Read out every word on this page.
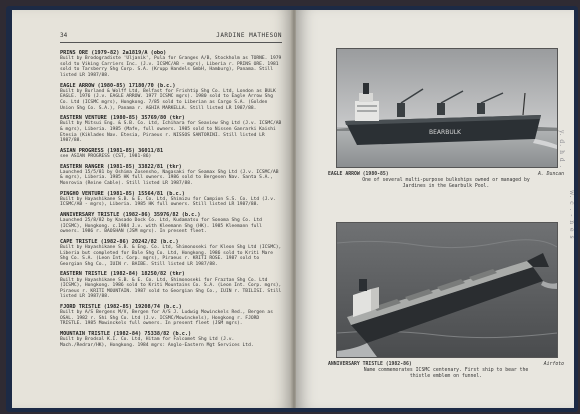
34	JARDINE MATHESON
PRINS ORE (1979-82) 2a1819/A (obo)

Built by Brodogradiste 'Uljanik', Pula for Granges A/B, Stockholm as TORNE. 1979 sold to Viking Carriers Inc. (J.v. ICSMC/AB - mgrs), Liberia r. PRINS ORE. 1981 sold to Tarsberry Shg Corp. S.A. (Krupp Handels GmbH, Hamburg), Panama. Still listed LR 1987/88.

EAGLE ARROW (1980-85) 17180/70 (b.c.)

Built by Burland & Wolff Ltd, Belfast for Frishtip Shg Co. Ltd, London as BULK EAGLE. 1976 (J.v. EAGLE ARROW. 1977 ICSMC mgrs). 1980 sold to Eagle Arrow Shg Co. Ltd (ICSMC mgrs), Hongkong. 7/85 sold to Liberian as Cargo S.A. (Golden Union Shg Co. S.A.), Panama r. AGHIA MARKELLA. Still listed LR 1987/88.

EASTERN VENTURE (1980-85) 35769/80 (tkr)

Built by Mitsui Eng. & S.B. Co. Ltd, Ichihara for Seaview Shg Ltd (J.v. ICSMC/AB & mgrs), Liberia. 1985 (Mafe, full owners. 1985 sold to Nissen Ganrarki Kaishi Etesia (Kiklades Nav. Etesia, Piraeus r. NISSOS SANTORINI. Still listed LR 1987/88.

ASIAN PROGRESS (1981-85) 36011/81

see ASIAN PROGRESS (CST, 1981-86)

EASTERN RANGER (1981-85) 33822/81 (tkr)

Launched 15/5/81 by Oshima Zosensho, Nagasaki for Seamax Shg Ltd (J.v. ICSMC/AB & mgrs), Liberia. 1985 HK full owners. 1986 sold to Bergesen Nav. Santa S.A., Monrovia (Reine Cable). Still listed LR 1987/88.

PINGHO VENTURE (1981-85) 15564/81 (b.c.)

Built by Hayashikane S.B. & E. Co. Ltd, Shimizu for Campion S.S. Co. Ltd (J.v. ICSMC/AB - mgrs), Liberia. 1985 HK full owners. Still listed LR 1987/88.

ANNIVERSARY TRISTLE (1982-86) 35976/82 (b.c.)

Launched 25/8/82 by Kasado Dock Co. Ltd, Kudamatsu for Sonoma Shg Co. Ltd (ICSMC), Hongkong. c.1984 J.v. with Kleemann Shg (HK). 1985 Kleemann full owners. 1986 r. BAOSHAN (JSM mgrs). In present fleet.

CAPE TRISTLE (1982-86) 20242/82 (b.c.)

Built by Hayashikane S.B. & Eng. Co. Ltd, Shimonoseki for Kleon Shg Ltd (ICSMC), Liberia but completed for Bale Shg Co. Ltd, Hongkong. 1986 sold to Kriti Mare Shg Co. S.A. (Leon Int. Corp. mgrs), Piraeus r. KRITI ROSE. 1987 sold to Georgian Shg Co., IUIN r. BAIBE. Still listed LR 1987/88.

EASTERN TRISTLE (1982-84) 18250/82 (tkr)

Built by Hayashikane S.B. & E. Co. Ltd, Shimonoseki for Fraztan Shg Co. Ltd (ICSMC), Hongkong. 1986 sold to Kriti Mountains Co. S.A. (Leon Int. Corp. mgrs), Piraeus r. KRITI MOUNTAIN. 1987 sold to Georgian Shg Co., IUIN r. TBILISI. Still listed LR 1987/88.

FJORD TRISTLE (1982-85) 19208/74 (b.c.)

Built by A/S Bergens M/V, Bergen for A/S J. Ludwig Mowinckels Red., Bergen as OSAL. 1982 r. Shi Shg Co. Ltd (J.v. ICSMC/Mowinckels), Hongkong r. FJORD TRISTLE. 1985 Mowinckels full owners. In present fleet (JSM mgrs).

MOUNTAIN TRISTLE (1982-84) 75338/82 (b.c.)

Built by Brodsal K.I. Co. Ltd, Hitam for Falcomet Shg Ltd (J.v. Mach./Redrar/HK), Hongkong. 1984 mgrs: Anglo-Eastern Mgt Services Ltd.

BEARBULK
EAGLE ARROW (1980-85)	A. Duncan
One of several multi-purpose bulkships owned or managed by
Jardines in the Gearbulk Pool.
ANNIVERSARY TRISTLE (1982-86)	Airfoto
Name commemorates ICSMC centenary. First ship to bear the
thistle emblem on funnel.
y. d. h d .
w. c . - n e s
